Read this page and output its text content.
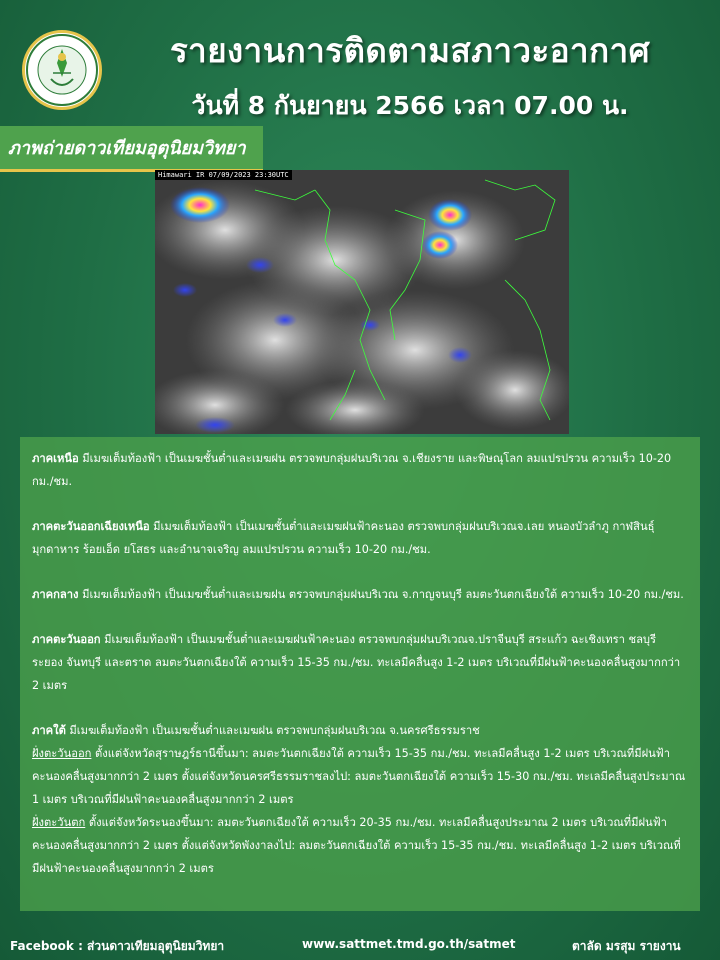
รายงานการติดตามสภาวะอากาศ
วันที่ 8 กันยายน 2566 เวลา 07.00 น.
ภาพถ่ายดาวเทียมอุตุนิยมวิทยา
Himawari IR 07/09/2023 23:30UTC

ภาคเหนือ มีเมฆเต็มท้องฟ้า เป็นเมฆชั้นต่ำและเมฆฝน ตรวจพบกลุ่มฝนบริเวณ จ.เชียงราย และพิษณุโลก ลมแปรปรวน ความเร็ว 10-20 กม./ชม.

ภาคตะวันออกเฉียงเหนือ มีเมฆเต็มท้องฟ้า เป็นเมฆชั้นต่ำและเมฆฝนฟ้าคะนอง ตรวจพบกลุ่มฝนบริเวณจ.เลย หนองบัวลำภู กาฬสินธุ์ มุกดาหาร ร้อยเอ็ด ยโสธร และอำนาจเจริญ ลมแปรปรวน ความเร็ว 10-20 กม./ชม.

ภาคกลาง มีเมฆเต็มท้องฟ้า เป็นเมฆชั้นต่ำและเมฆฝน ตรวจพบกลุ่มฝนบริเวณ จ.กาญจนบุรี ลมตะวันตกเฉียงใต้ ความเร็ว 10-20 กม./ชม.

ภาคตะวันออก มีเมฆเต็มท้องฟ้า เป็นเมฆชั้นต่ำและเมฆฝนฟ้าคะนอง ตรวจพบกลุ่มฝนบริเวณจ.ปราจีนบุรี สระแก้ว ฉะเชิงเทรา ชลบุรี ระยอง จันทบุรี และตราด ลมตะวันตกเฉียงใต้ ความเร็ว 15-35 กม./ชม. ทะเลมีคลื่นสูง 1-2 เมตร บริเวณที่มีฝนฟ้าคะนองคลื่นสูงมากกว่า 2 เมตร

ภาคใต้ มีเมฆเต็มท้องฟ้า เป็นเมฆชั้นต่ำและเมฆฝน ตรวจพบกลุ่มฝนบริเวณ จ.นครศรีธรรมราช
ฝั่งตะวันออก ตั้งแต่จังหวัดสุราษฎร์ธานีขึ้นมา: ลมตะวันตกเฉียงใต้ ความเร็ว 15-35 กม./ชม. ทะเลมีคลื่นสูง 1-2 เมตร บริเวณที่มีฝนฟ้าคะนองคลื่นสูงมากกว่า 2 เมตร ตั้งแต่จังหวัดนครศรีธรรมราชลงไป: ลมตะวันตกเฉียงใต้ ความเร็ว 15-30 กม./ชม. ทะเลมีคลื่นสูงประมาณ 1 เมตร บริเวณที่มีฝนฟ้าคะนองคลื่นสูงมากกว่า 2 เมตร
ฝั่งตะวันตก ตั้งแต่จังหวัดระนองขึ้นมา: ลมตะวันตกเฉียงใต้ ความเร็ว 20-35 กม./ชม. ทะเลมีคลื่นสูงประมาณ 2 เมตร บริเวณที่มีฝนฟ้าคะนองคลื่นสูงมากกว่า 2 เมตร ตั้งแต่จังหวัดพังงาลงไป: ลมตะวันตกเฉียงใต้ ความเร็ว 15-35 กม./ชม. ทะเลมีคลื่นสูง 1-2 เมตร บริเวณที่มีฝนฟ้าคะนองคลื่นสูงมากกว่า 2 เมตร

Facebook : ส่วนดาวเทียมอุตุนิยมวิทยา	www.sattmet.tmd.go.th/satmet	ตาลัด มรสุม รายงาน
